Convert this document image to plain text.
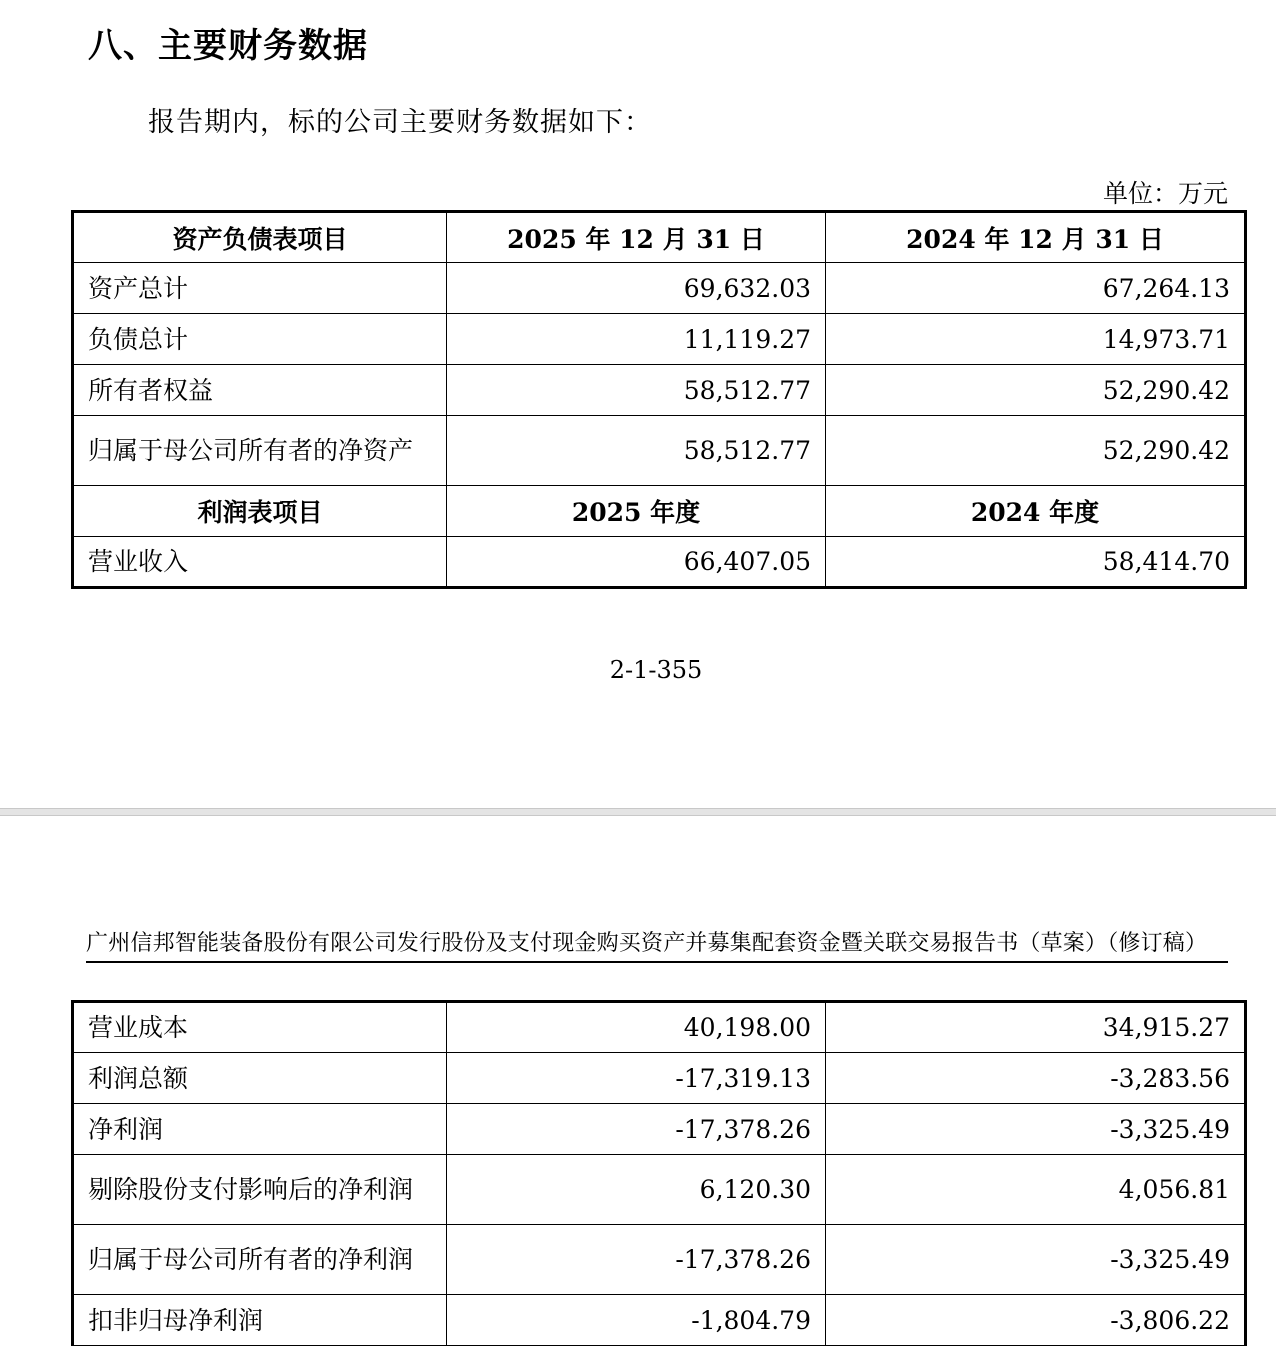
八、主要财务数据
报告期内，标的公司主要财务数据如下：
单位：万元
资产负债表项目	2025 年 12 月 31 日	2024 年 12 月 31 日
资产总计	69,632.03	67,264.13
负债总计	11,119.27	14,973.71
所有者权益	58,512.77	52,290.42
归属于母公司所有者的净资产	58,512.77	52,290.42
利润表项目	2025 年度	2024 年度
营业收入	66,407.05	58,414.70
2-1-355
广州信邦智能装备股份有限公司发行股份及支付现金购买资产并募集配套资金暨关联交易报告书（草案）（修订稿）
营业成本	40,198.00	34,915.27
利润总额	-17,319.13	-3,283.56
净利润	-17,378.26	-3,325.49
剔除股份支付影响后的净利润	6,120.30	4,056.81
归属于母公司所有者的净利润	-17,378.26	-3,325.49
扣非归母净利润	-1,804.79	-3,806.22
